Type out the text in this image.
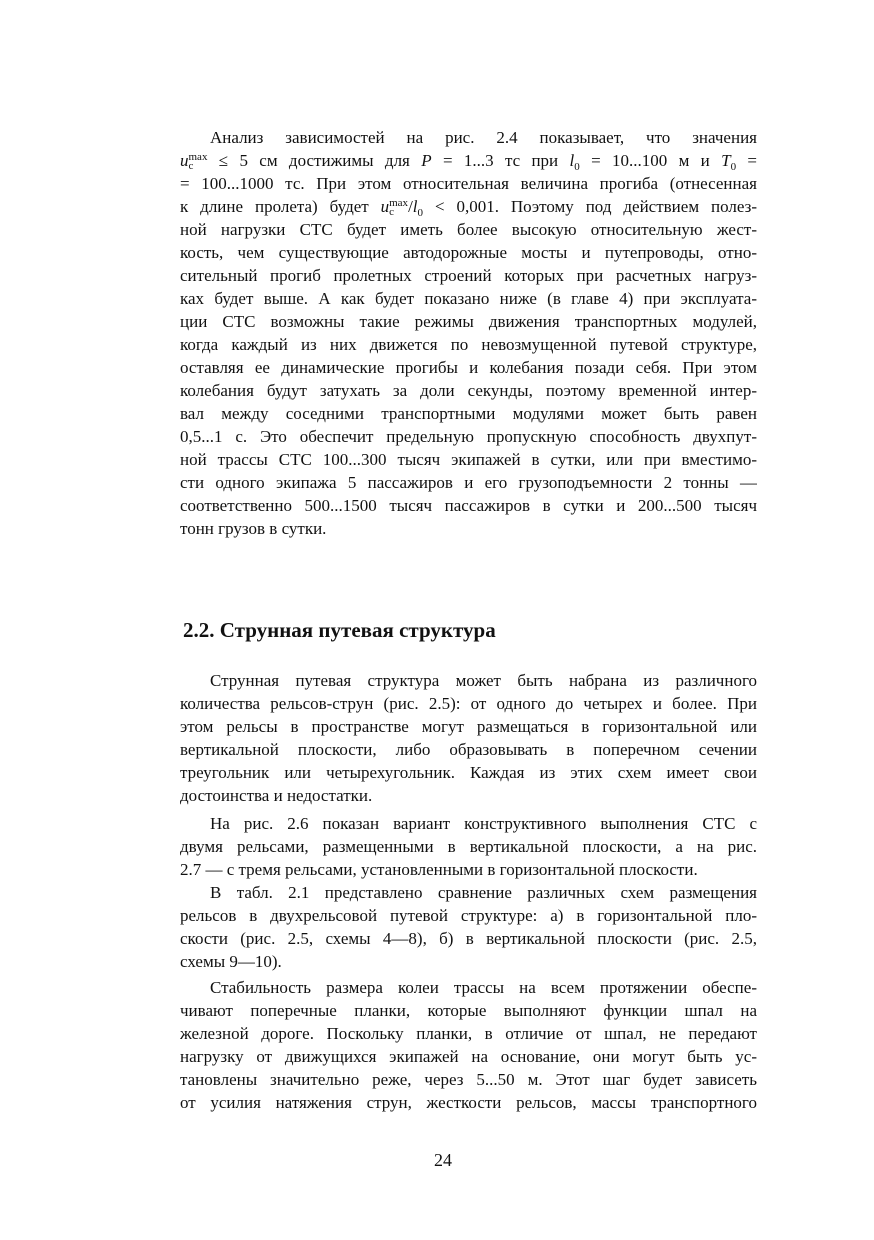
Анализ зависимостей на рис. 2.4 показывает, что значения
u max
c ≤ 5 см достижимы для P = 1...3 тс при $l_0 = 10...100$ м и $T_0$ =
= 100...1000 тс. При этом относительная величина прогиба (отнесенная
к длине пролета) будет u max
c $/l_0 < 0,001$. Поэтому под действием полез-
ной нагрузки СТС будет иметь более высокую относительную жест-
кость, чем существующие автодорожные мосты и путепроводы, отно-
сительный прогиб пролетных строений которых при расчетных нагруз-
ках будет выше. А как будет показано ниже (в главе 4) при эксплуата-
ции СТС возможны такие режимы движения транспортных модулей,
когда каждый из них движется по невозмущенной путевой структуре,
оставляя ее динамические прогибы и колебания позади себя. При этом
колебания будут затухать за доли секунды, поэтому временной интер-
вал между соседними транспортными модулями может быть равен
0,5...1 с. Это обеспечит предельную пропускную способность двухпут-
ной трассы СТС 100...300 тысяч экипажей в сутки, или при вместимо-
сти одного экипажа 5 пассажиров и его грузоподъемности 2 тонны —
соответственно 500...1500 тысяч пассажиров в сутки и 200...500 тысяч
тонн грузов в сутки.
2.2. Струнная путевая структура
Струнная путевая структура может быть набрана из различного
количества рельсов-струн (рис. 2.5): от одного до четырех и более. При
этом рельсы в пространстве могут размещаться в горизонтальной или
вертикальной плоскости, либо образовывать в поперечном сечении
треугольник или четырехугольник. Каждая из этих схем имеет свои
достоинства и недостатки.
На рис. 2.6 показан вариант конструктивного выполнения СТС с
двумя рельсами, размещенными в вертикальной плоскости, а на рис.
2.7 — с тремя рельсами, установленными в горизонтальной плоскости.
В табл. 2.1 представлено сравнение различных схем размещения
рельсов в двухрельсовой путевой структуре: а) в горизонтальной пло-
скости (рис. 2.5, схемы 4—8), б) в вертикальной плоскости (рис. 2.5,
схемы 9—10).
Стабильность размера колеи трассы на всем протяжении обеспе-
чивают поперечные планки, которые выполняют функции шпал на
железной дороге. Поскольку планки, в отличие от шпал, не передают
нагрузку от движущихся экипажей на основание, они могут быть ус-
тановлены значительно реже, через 5...50 м. Этот шаг будет зависеть
от усилия натяжения струн, жесткости рельсов, массы транспортного
24
